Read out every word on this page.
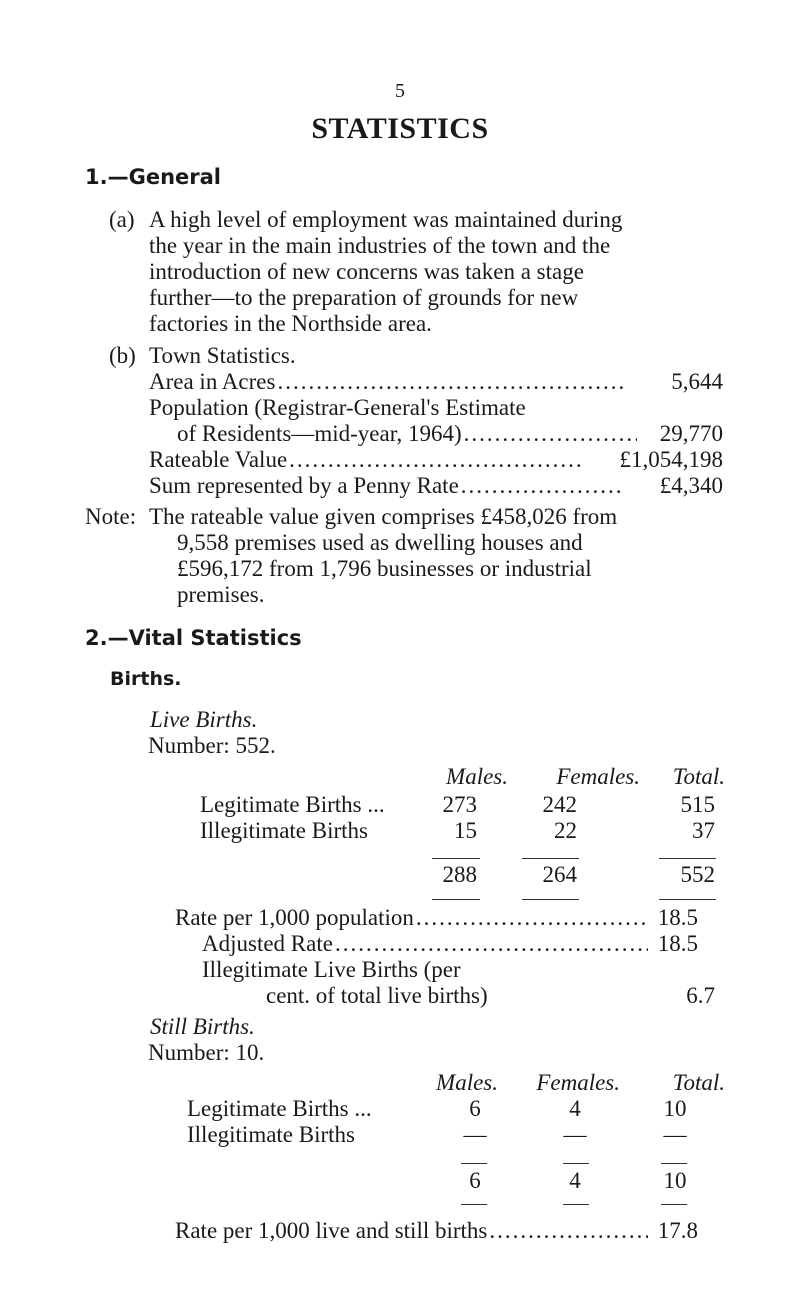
5
STATISTICS
1.—General
(a) A high level of employment was maintained during
the year in the main industries of the town and the
introduction of new concerns was taken a stage
further—to the preparation of grounds for new
factories in the Northside area.
(b) Town Statistics.
Area in Acres .....	5,644
Population (Registrar-General's Estimate
of Residents—mid-year, 1964) .....	29,770
Rateable Value .....	£1,054,198
Sum represented by a Penny Rate .....	£4,340
Note: The rateable value given comprises £458,026 from
9,558 premises used as dwelling houses and
£596,172 from 1,796 businesses or industrial
premises.
2.—Vital Statistics
Births.
Live Births.
Number: 552.
Males.	Females.	Total.
Legitimate Births ...	273	242	515
Illegitimate Births	15	22	37
288	264	552
Rate per 1,000 population .....	18.5
Adjusted Rate .....	18.5
Illegitimate Live Births (per
cent. of total live births)	6.7
Still Births.
Number: 10.
Males.	Females.	Total.
Legitimate Births ...	6	4	10
Illegitimate Births	—	—	—
6	4	10
Rate per 1,000 live and still births .....	17.8
